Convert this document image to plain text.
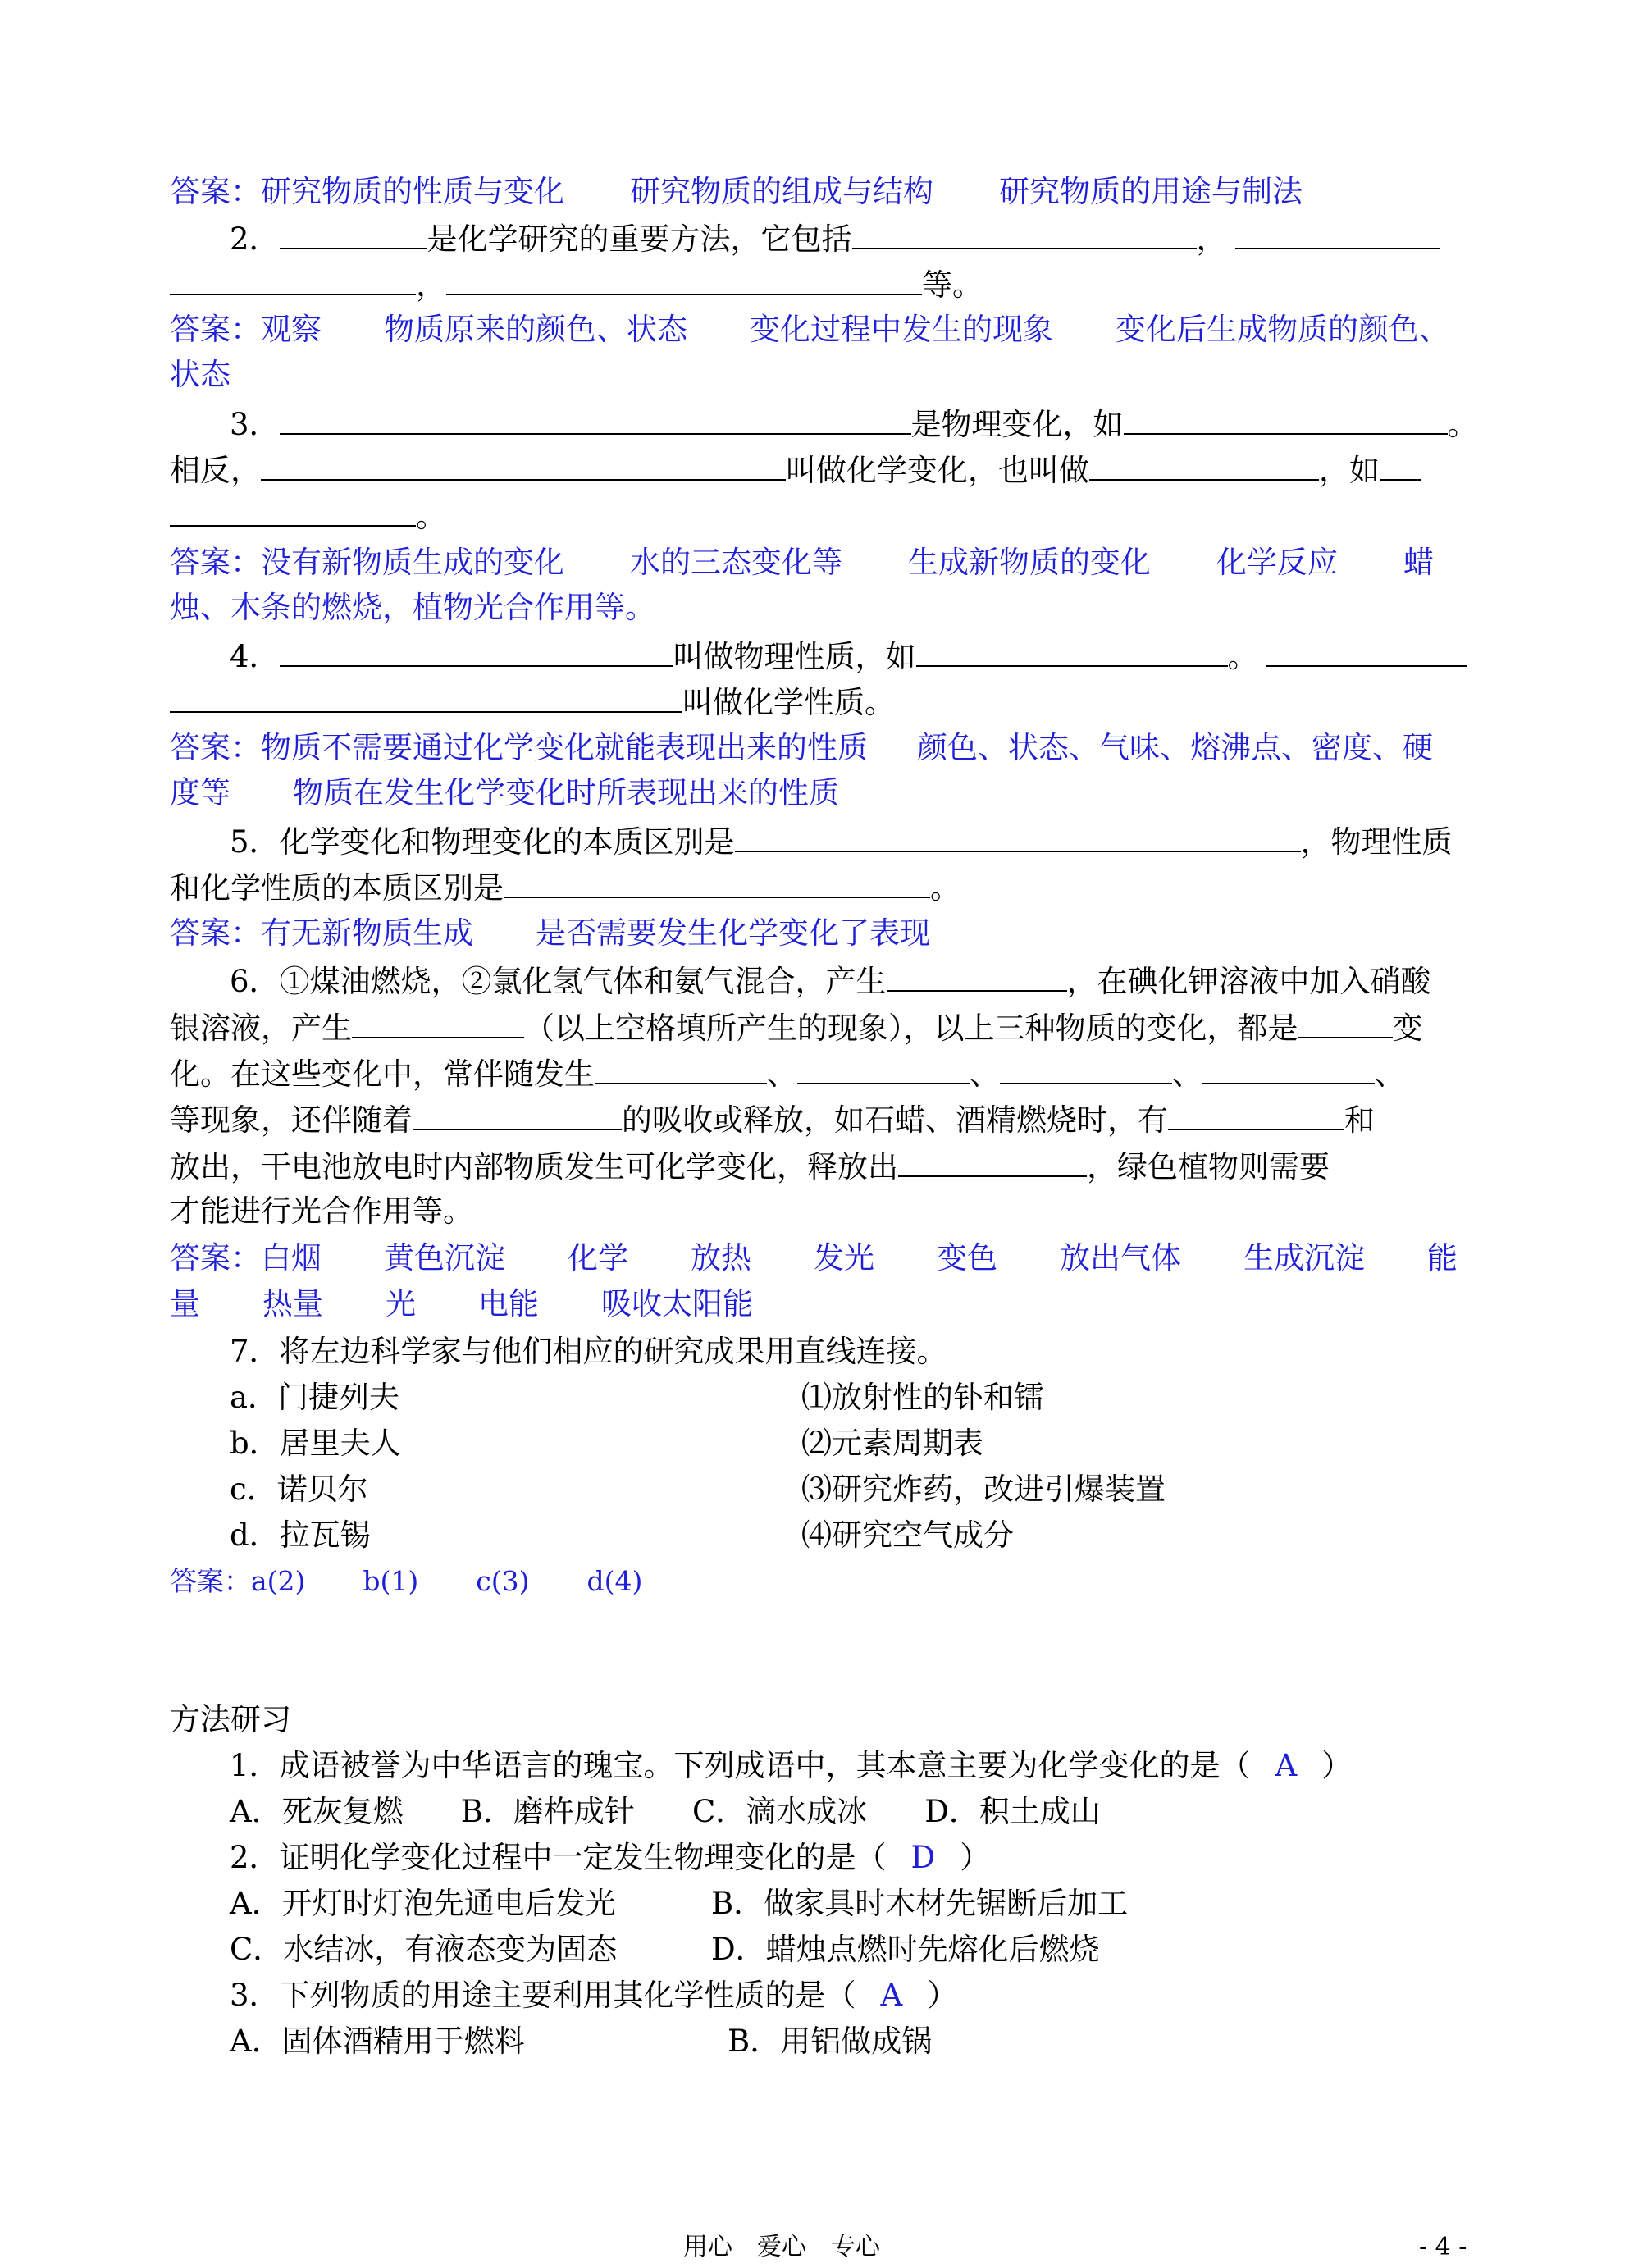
答案：研究物质的性质与变化 研究物质的组成与结构 研究物质的用途与制法
2．	是化学研究的重要方法，它包括	，
，	等。
答案：观察 物质原来的颜色、状态 变化过程中发生的现象 变化后生成物质的颜色、
状态
3．	是物理变化，如	。
相反，	叫做化学变化，也叫做	，如
。
答案：没有新物质生成的变化 水的三态变化等 生成新物质的变化 化学反应 蜡
烛、木条的燃烧，植物光合作用等。
4．	叫做物理性质，如	。
叫做化学性质。
答案：物质不需要通过化学变化就能表现出来的性质 颜色、状态、气味、熔沸点、密度、硬
度等 物质在发生化学变化时所表现出来的性质
5．化学变化和物理变化的本质区别是	，物理性质
和化学性质的本质区别是	。
答案：有无新物质生成 是否需要发生化学变化了表现
6．①煤油燃烧，②氯化氢气体和氨气混合，产生	，在碘化钾溶液中加入硝酸
银溶液，产生	（以上空格填所产生的现象），以上三种物质的变化，都是	变
化。在这些变化中，常伴随发生	、	、	、	、
等现象，还伴随着	的吸收或释放，如石蜡、酒精燃烧时，有	和
放出，干电池放电时内部物质发生可化学变化，释放出	，绿色植物则需要
才能进行光合作用等。
答案：白烟 黄色沉淀 化学 放热 发光 变色 放出气体 生成沉淀 能
量 热量 光 电能 吸收太阳能
7．将左边科学家与他们相应的研究成果用直线连接。
a．门捷列夫	⑴放射性的钋和镭
b．居里夫人	⑵元素周期表
c．诺贝尔	⑶研究炸药，改进引爆装置
d．拉瓦锡	⑷研究空气成分
答案：a(2) b(1) c(3) d(4)
方法研习
1．成语被誉为中华语言的瑰宝。下列成语中，其本意主要为化学变化的是（ A ）
A．死灰复燃 B．磨杵成针 C．滴水成冰 D．积土成山
2．证明化学变化过程中一定发生物理变化的是（ D ）
A．开灯时灯泡先通电后发光	B．做家具时木材先锯断后加工
C．水结冰，有液态变为固态	D．蜡烛点燃时先熔化后燃烧
3．下列物质的用途主要利用其化学性质的是（ A ）
A．固体酒精用于燃料	B．用铝做成锅
用心　爱心　专心	- 4 -
